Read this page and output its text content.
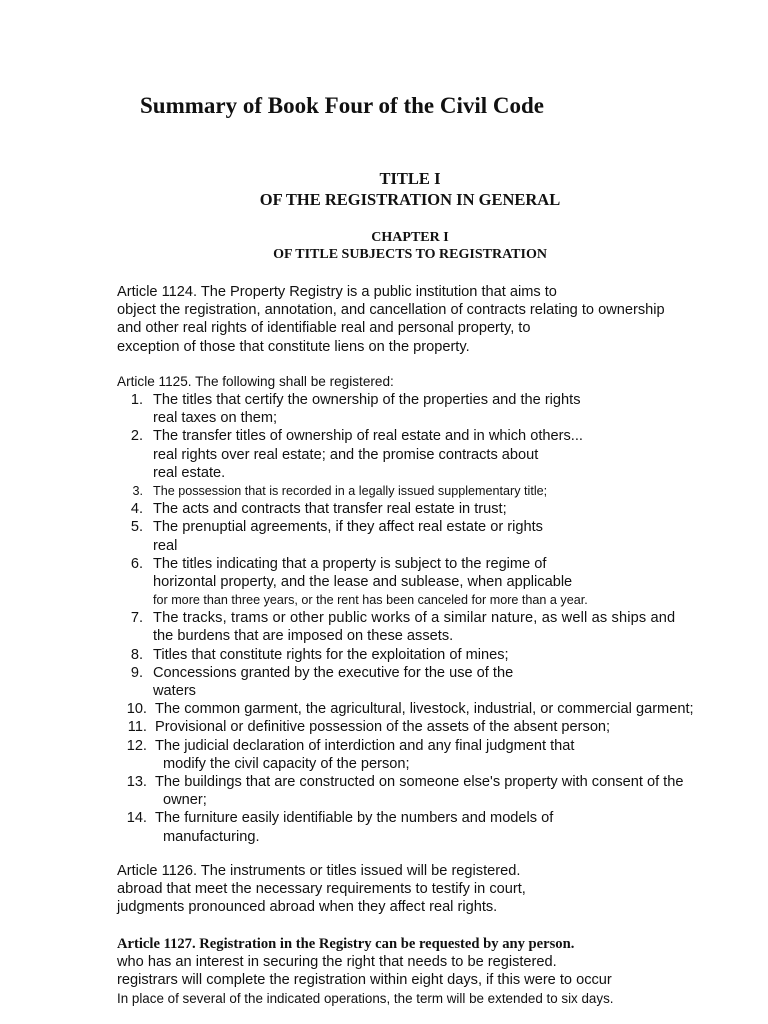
Summary of Book Four of the Civil Code
TITLE I
OF THE REGISTRATION IN GENERAL
CHAPTER I
OF TITLE SUBJECTS TO REGISTRATION
Article 1124. The Property Registry is a public institution that aims to
object the registration, annotation, and cancellation of contracts relating to ownership
and other real rights of identifiable real and personal property, to
exception of those that constitute liens on the property.
Article 1125. The following shall be registered:
1. The titles that certify the ownership of the properties and the rights
real taxes on them;
2. The transfer titles of ownership of real estate and in which others...
real rights over real estate; and the promise contracts about
real estate.
3. The possession that is recorded in a legally issued supplementary title;
4. The acts and contracts that transfer real estate in trust;
5. The prenuptial agreements, if they affect real estate or rights
real
6. The titles indicating that a property is subject to the regime of
horizontal property, and the lease and sublease, when applicable
for more than three years, or the rent has been canceled for more than a year.
7. The tracks, trams or other public works of a similar nature, as well as ships and
the burdens that are imposed on these assets.
8. Titles that constitute rights for the exploitation of mines;
9. Concessions granted by the executive for the use of the
waters
10. The common garment, the agricultural, livestock, industrial, or commercial garment;
11. Provisional or definitive possession of the assets of the absent person;
12. The judicial declaration of interdiction and any final judgment that
modify the civil capacity of the person;
13. The buildings that are constructed on someone else's property with consent of the
owner;
14. The furniture easily identifiable by the numbers and models of
manufacturing.
Article 1126. The instruments or titles issued will be registered.
abroad that meet the necessary requirements to testify in court,
judgments pronounced abroad when they affect real rights.
Article 1127. Registration in the Registry can be requested by any person.
who has an interest in securing the right that needs to be registered.
registrars will complete the registration within eight days, if this were to occur
In place of several of the indicated operations, the term will be extended to six days.
